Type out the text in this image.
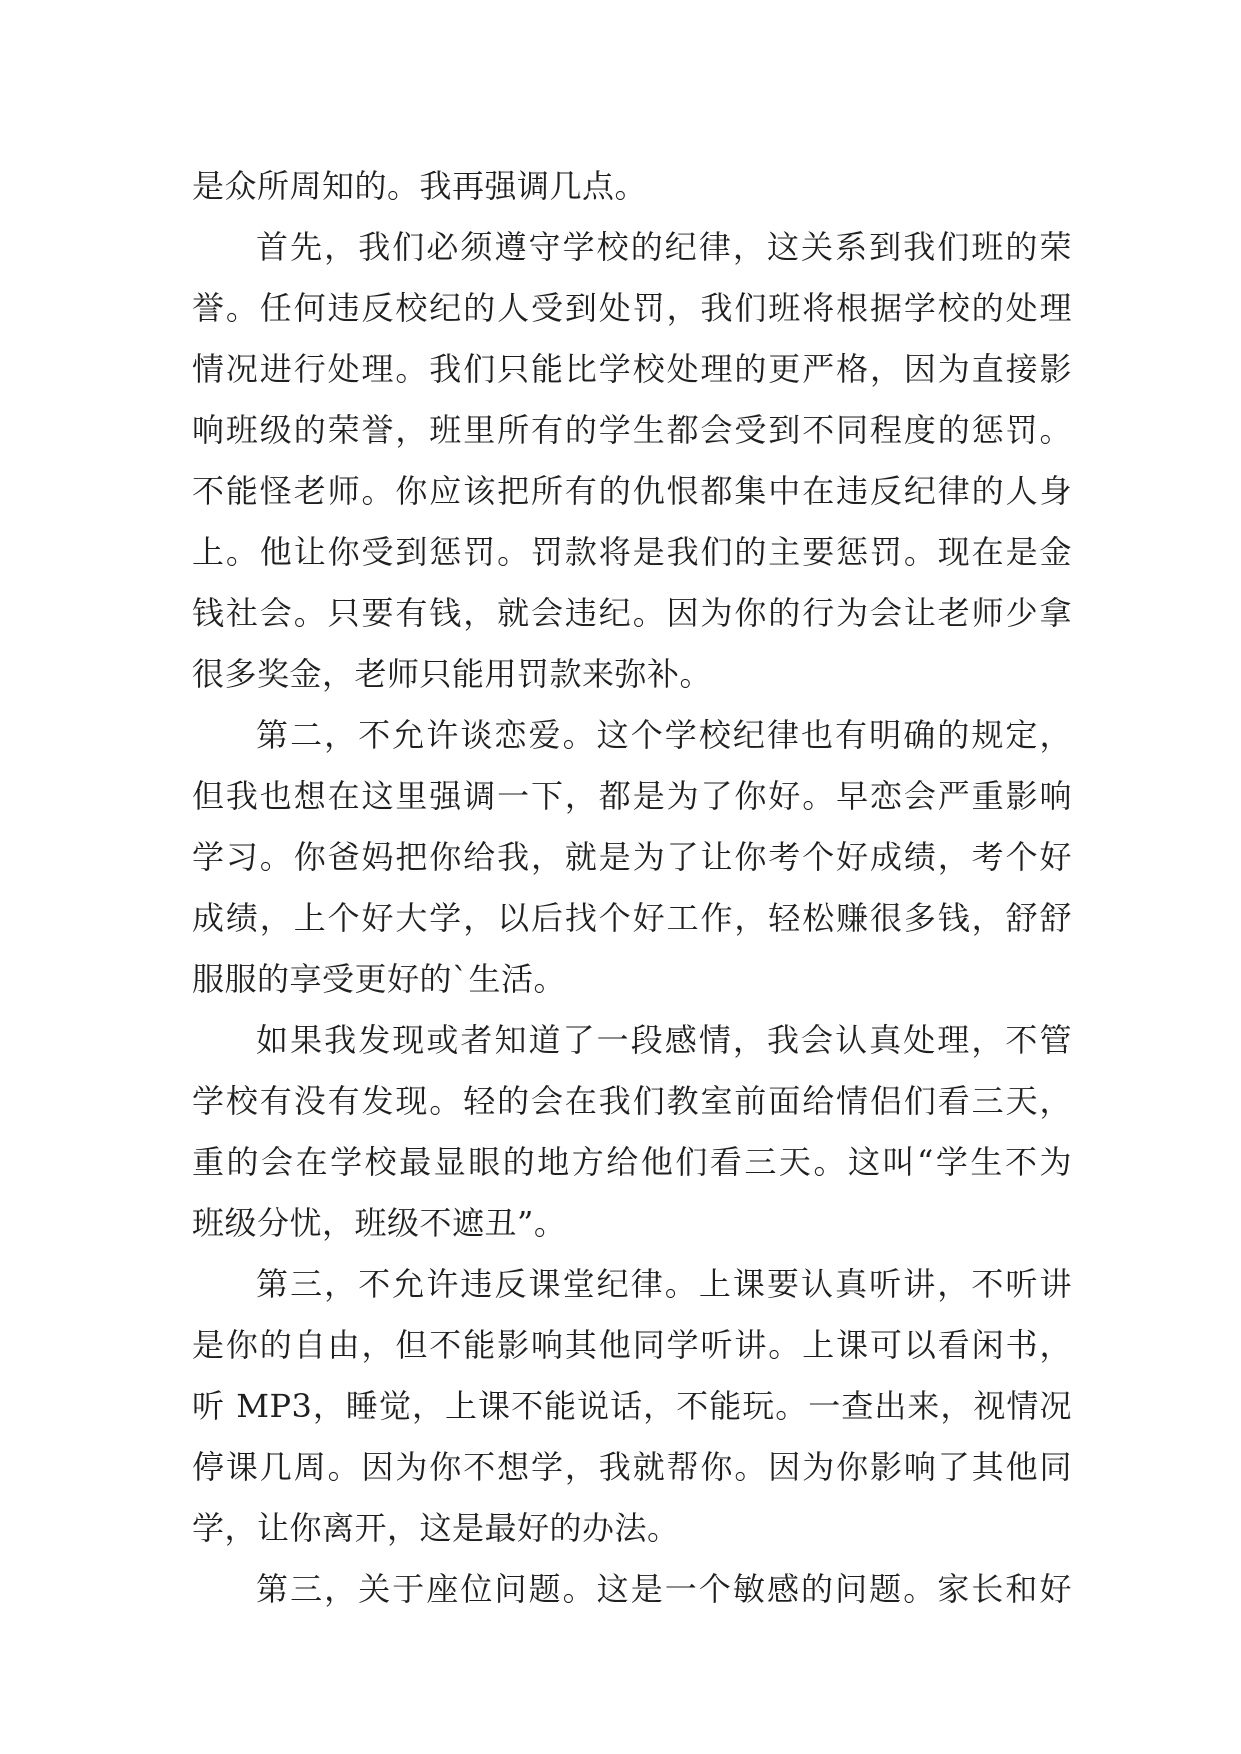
是众所周知的。我再强调几点。
首先，我们必须遵守学校的纪律，这关系到我们班的荣
誉。任何违反校纪的人受到处罚，我们班将根据学校的处理
情况进行处理。我们只能比学校处理的更严格，因为直接影
响班级的荣誉，班里所有的学生都会受到不同程度的惩罚。
不能怪老师。你应该把所有的仇恨都集中在违反纪律的人身
上。他让你受到惩罚。罚款将是我们的主要惩罚。现在是金
钱社会。只要有钱，就会违纪。因为你的行为会让老师少拿
很多奖金，老师只能用罚款来弥补。
第二，不允许谈恋爱。这个学校纪律也有明确的规定，
但我也想在这里强调一下，都是为了你好。早恋会严重影响
学习。你爸妈把你给我，就是为了让你考个好成绩，考个好
成绩，上个好大学，以后找个好工作，轻松赚很多钱，舒舒
服服的享受更好的`生活。
如果我发现或者知道了一段感情，我会认真处理，不管
学校有没有发现。轻的会在我们教室前面给情侣们看三天，
重的会在学校最显眼的地方给他们看三天。这叫“学生不为
班级分忧，班级不遮丑”。
第三，不允许违反课堂纪律。上课要认真听讲，不听讲
是你的自由，但不能影响其他同学听讲。上课可以看闲书，
听 MP3，睡觉，上课不能说话，不能玩。一查出来，视情况
停课几周。因为你不想学，我就帮你。因为你影响了其他同
学，让你离开，这是最好的办法。
第三，关于座位问题。这是一个敏感的问题。家长和好
